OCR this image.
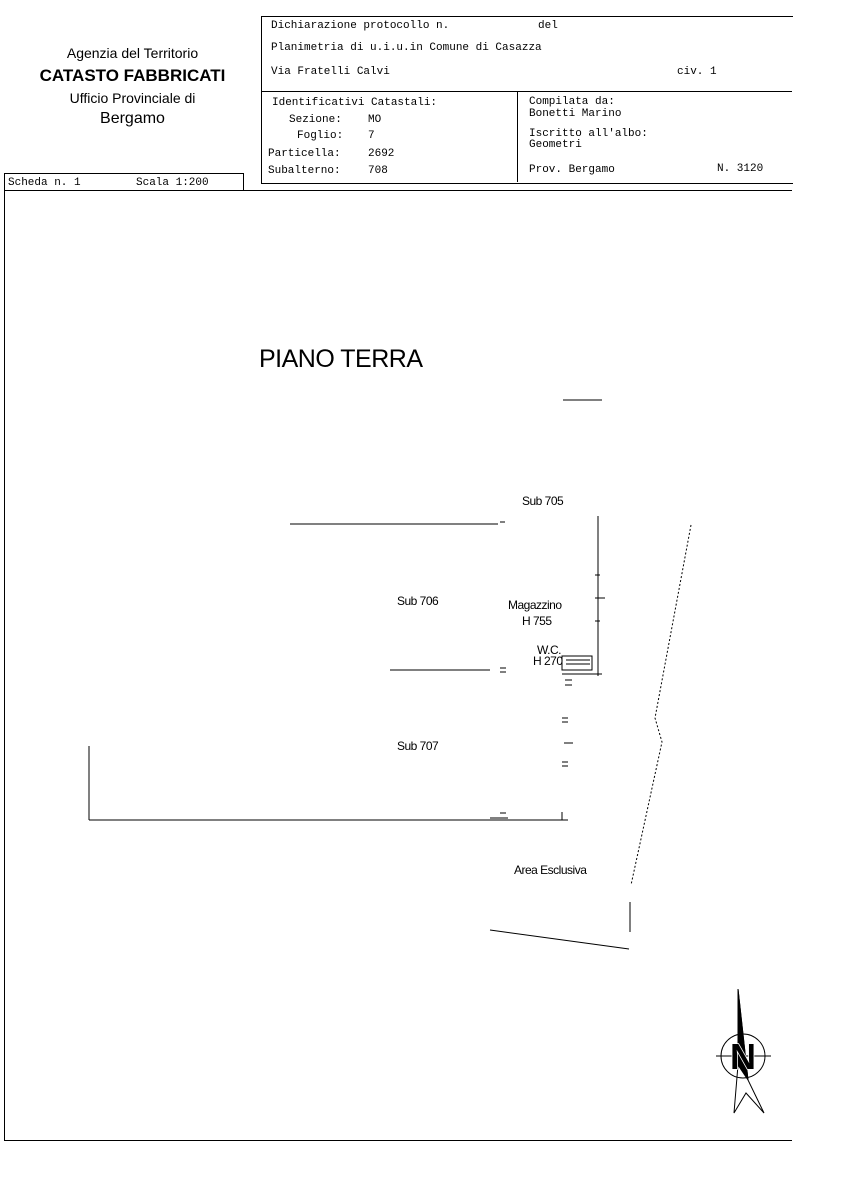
Agenzia del Territorio
CATASTO FABBRICATI
Ufficio Provinciale di
Bergamo
Dichiarazione protocollo n.	del
Planimetria di u.i.u.in Comune di Casazza
Via Fratelli Calvi	civ. 1
Identificativi Catastali:
Sezione: MO
Foglio: 7
Particella: 2692
Subalterno: 708
Compilata da:
Bonetti Marino
Iscritto all'albo:
Geometri
Prov. Bergamo	N. 3120
Scheda n. 1	Scala 1:200
PIANO TERRA
Sub 705
Sub 706	Magazzino
H 755
W.C.
H 270
Sub 707
Area Esclusiva
N
